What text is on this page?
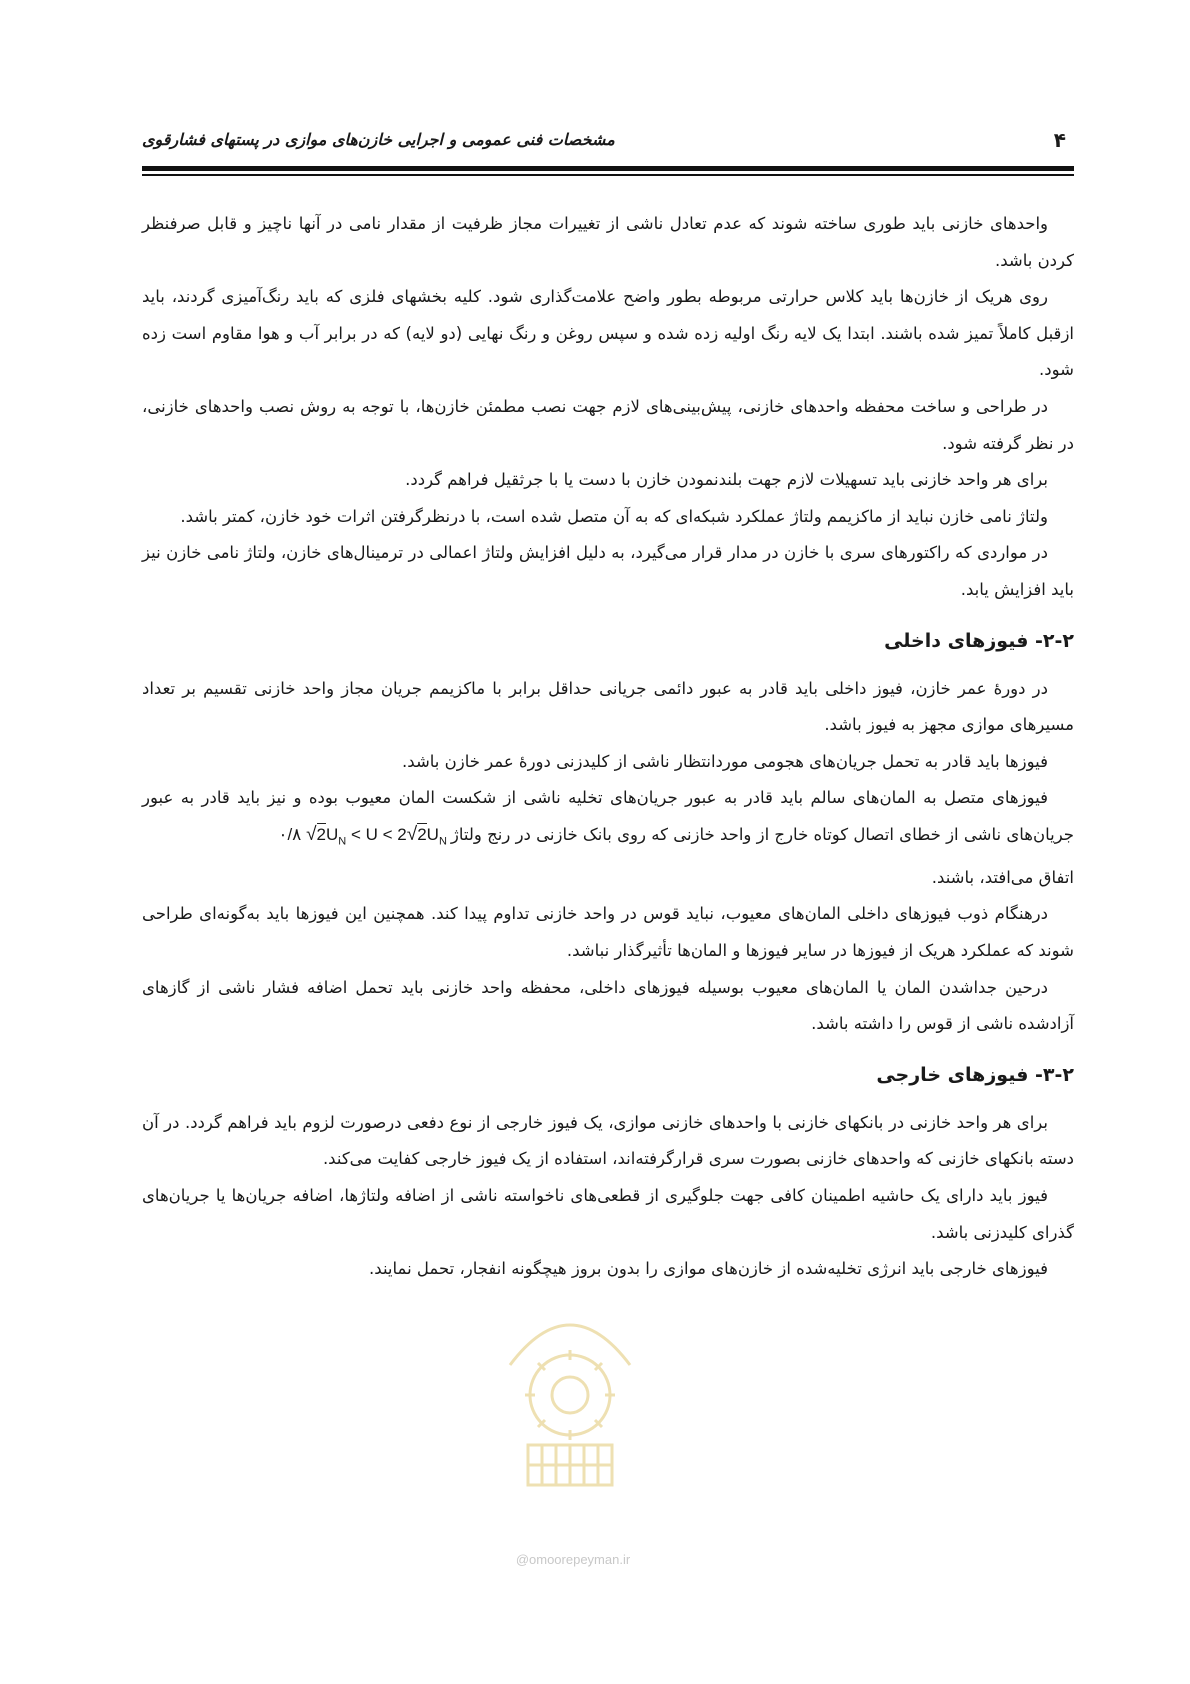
۴
مشخصات فنی عمومی و اجرایی خازن‌های موازی در پستهای فشارقوی

واحدهای خازنی باید طوری ساخته شوند که عدم تعادل ناشی از تغییرات مجاز ظرفیت از مقدار نامی در آنها ناچیز و قابل صرفنظر کردن باشد.

روی هریک از خازن‌ها باید کلاس حرارتی مربوطه بطور واضح علامت‌گذاری شود. کلیه بخشهای فلزی که باید رنگ‌آمیزی گردند، باید ازقبل کاملاً تمیز شده باشند. ابتدا یک لایه رنگ اولیه زده شده و سپس روغن و رنگ نهایی (دو لایه) که در برابر آب و هوا مقاوم است زده شود.

در طراحی و ساخت محفظه واحدهای خازنی، پیش‌بینی‌های لازم جهت نصب مطمئن خازن‌ها، با توجه به روش نصب واحدهای خازنی، در نظر گرفته شود.

برای هر واحد خازنی باید تسهیلات لازم جهت بلندنمودن خازن با دست یا با جرثقیل فراهم گردد.

ولتاژ نامی خازن نباید از ماکزیمم ولتاژ عملکرد شبکه‌ای که به آن متصل شده است، با درنظرگرفتن اثرات خود خازن، کمتر باشد.

در مواردی که راکتورهای سری با خازن در مدار قرار می‌گیرد، به دلیل افزایش ولتاژ اعمالی در ترمینال‌های خازن، ولتاژ نامی خازن نیز باید افزایش یابد.

۲-۲- فیوزهای داخلی

در دورهٔ عمر خازن، فیوز داخلی باید قادر به عبور دائمی جریانی حداقل برابر با ماکزیمم جریان مجاز واحد خازنی تقسیم بر تعداد مسیرهای موازی مجهز به فیوز باشد.

فیوزها باید قادر به تحمل جریان‌های هجومی موردانتظار ناشی از کلیدزنی دورهٔ عمر خازن باشد.

فیوزهای متصل به المان‌های سالم باید قادر به عبور جریان‌های تخلیه ناشی از شکست المان معیوب بوده و نیز باید قادر به عبور جریان‌های ناشی از خطای اتصال کوتاه خارج از واحد خازنی که روی بانک خازنی در رنج ولتاژ۰/۸ $√2U_N < U < 2√2U_N$
اتفاق می‌افتد، باشند.

درهنگام ذوب فیوزهای داخلی المان‌های معیوب، نباید قوس در واحد خازنی تداوم پیدا کند. همچنین این فیوزها باید به‌گونه‌ای طراحی شوند که عملکرد هریک از فیوزها در سایر فیوزها و المان‌ها تأثیرگذار نباشد.

درحین جداشدن المان یا المان‌های معیوب بوسیله فیوزهای داخلی، محفظه واحد خازنی باید تحمل اضافه فشار ناشی از گازهای آزادشده ناشی از قوس را داشته باشد.

۳-۲- فیوزهای خارجی

برای هر واحد خازنی در بانکهای خازنی با واحدهای خازنی موازی، یک فیوز خارجی از نوع دفعی درصورت لزوم باید فراهم گردد. در آن دسته بانکهای خازنی که واحدهای خازنی بصورت سری قرارگرفته‌اند، استفاده از یک فیوز خارجی کفایت می‌کند.

فیوز باید دارای یک حاشیه اطمینان کافی جهت جلوگیری از قطعی‌های ناخواسته ناشی از اضافه ولتاژها، اضافه جریان‌ها یا جریان‌های گذرای کلیدزنی باشد.

فیوزهای خارجی باید انرژی تخلیه‌شده از خازن‌های موازی را بدون بروز هیچگونه انفجار، تحمل نمایند.

@omoorepeyman.ir
